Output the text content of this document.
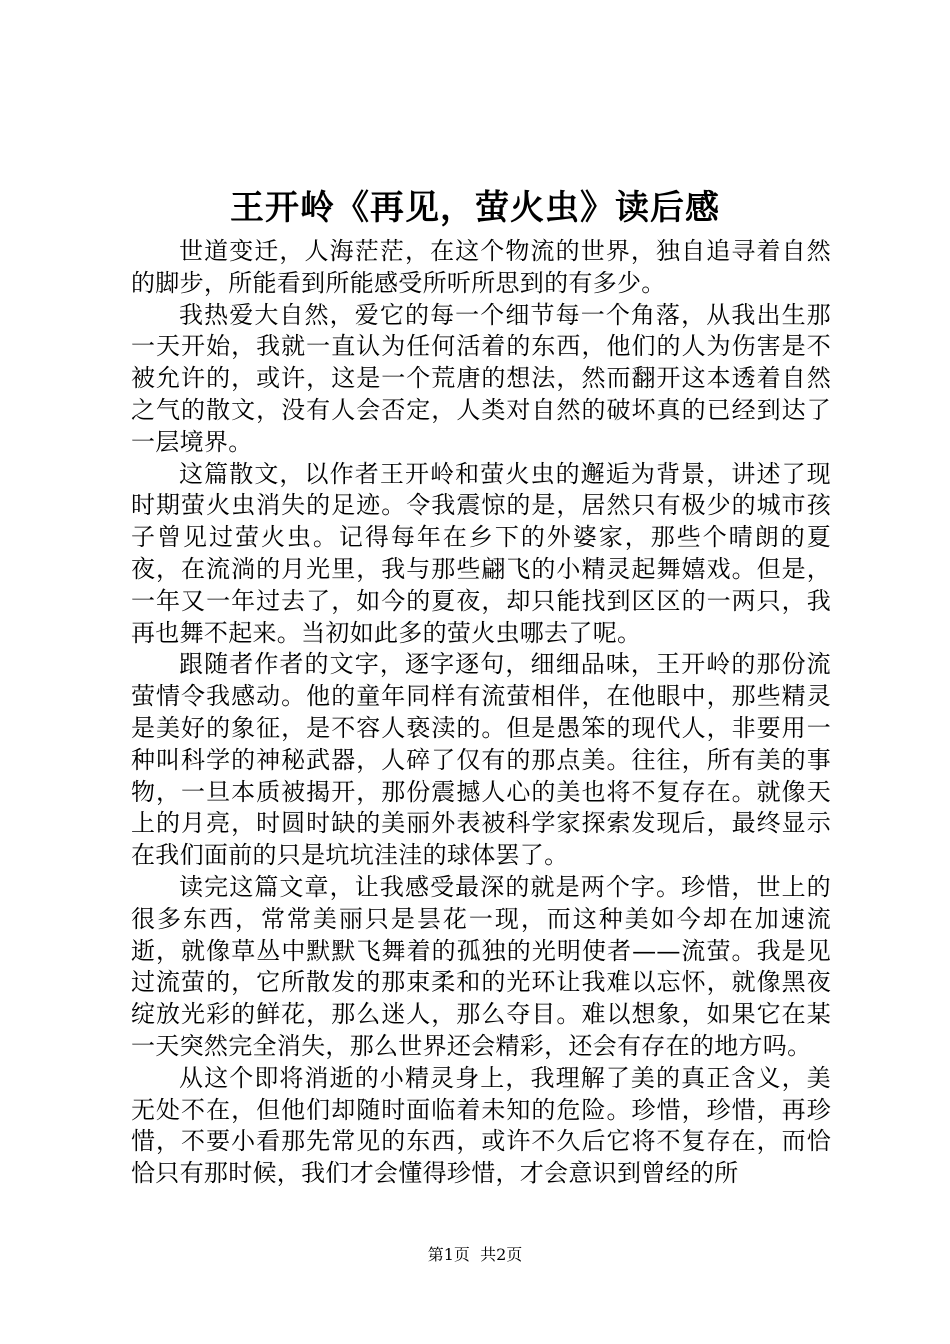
王开岭《再见，萤火虫》读后感

世道变迁，人海茫茫，在这个物流的世界，独自追寻着自然的脚步，所能看到所能感受所听所思到的有多少。

我热爱大自然，爱它的每一个细节每一个角落，从我出生那一天开始，我就一直认为任何活着的东西，他们的人为伤害是不被允许的，或许，这是一个荒唐的想法，然而翻开这本透着自然之气的散文，没有人会否定，人类对自然的破坏真的已经到达了一层境界。

这篇散文，以作者王开岭和萤火虫的邂逅为背景，讲述了现时期萤火虫消失的足迹。令我震惊的是，居然只有极少的城市孩子曾见过萤火虫。记得每年在乡下的外婆家，那些个晴朗的夏夜，在流淌的月光里，我与那些翩飞的小精灵起舞嬉戏。但是，一年又一年过去了，如今的夏夜，却只能找到区区的一两只，我再也舞不起来。当初如此多的萤火虫哪去了呢。

跟随者作者的文字，逐字逐句，细细品味，王开岭的那份流萤情令我感动。他的童年同样有流萤相伴，在他眼中，那些精灵是美好的象征，是不容人亵渎的。但是愚笨的现代人，非要用一种叫科学的神秘武器，人碎了仅有的那点美。往往，所有美的事物，一旦本质被揭开，那份震撼人心的美也将不复存在。就像天上的月亮，时圆时缺的美丽外表被科学家探索发现后，最终显示在我们面前的只是坑坑洼洼的球体罢了。

读完这篇文章，让我感受最深的就是两个字。珍惜，世上的很多东西，常常美丽只是昙花一现，而这种美如今却在加速流逝，就像草丛中默默飞舞着的孤独的光明使者——流萤。我是见过流萤的，它所散发的那束柔和的光环让我难以忘怀，就像黑夜绽放光彩的鲜花，那么迷人，那么夺目。难以想象，如果它在某一天突然完全消失，那么世界还会精彩，还会有存在的地方吗。

从这个即将消逝的小精灵身上，我理解了美的真正含义，美无处不在，但他们却随时面临着未知的危险。珍惜，珍惜，再珍惜，不要小看那先常见的东西，或许不久后它将不复存在，而恰恰只有那时候，我们才会懂得珍惜，才会意识到曾经的所

第1页 共2页
